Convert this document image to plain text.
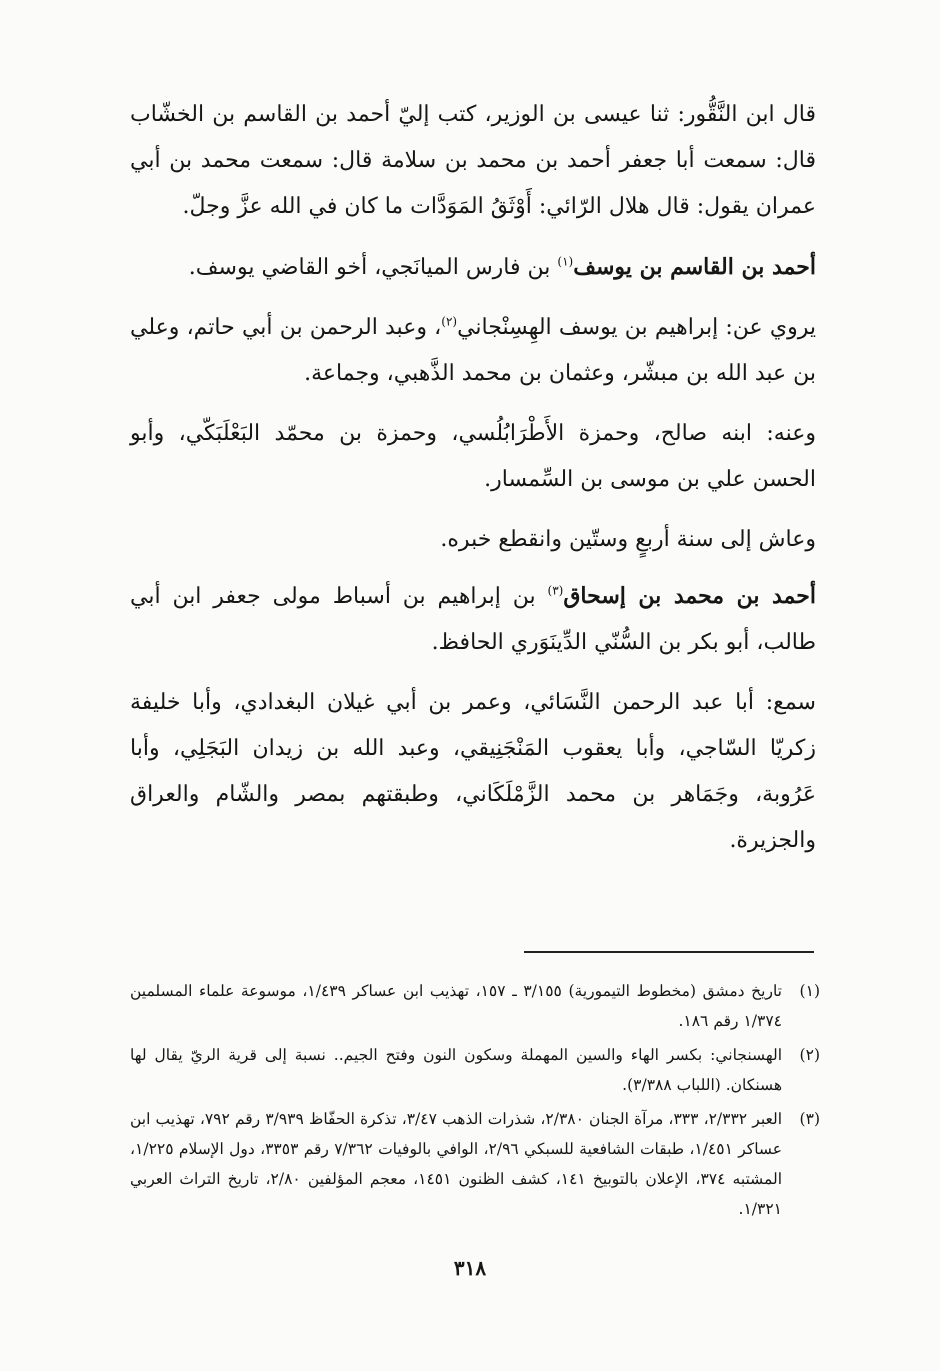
قال ابن النَّقُّور: ثنا عيسى بن الوزير، كتب إليّ أحمد بن القاسم بن الخشّاب قال: سمعت أبا جعفر أحمد بن محمد بن سلامة قال: سمعت محمد بن أبي عمران يقول: قال هلال الرّائي: أَوْثَقُ المَوَدَّات ما كان في الله عزَّ وجلّ.

أحمد بن القاسم بن يوسف$^{(١)}$ بن فارس الميانَجي، أخو القاضي يوسف.

يروي عن: إبراهيم بن يوسف الهِسِنْجاني$^{(٢)}$، وعبد الرحمن بن أبي حاتم، وعلي بن عبد الله بن مبشّر، وعثمان بن محمد الذَّهبي، وجماعة.

وعنه: ابنه صالح، وحمزة الأَطْرَابُلُسي، وحمزة بن محمّد البَعْلَبَكّي، وأبو الحسن علي بن موسى بن السِّمسار.

وعاش إلى سنة أربعٍ وستّين وانقطع خبره.

أحمد بن محمد بن إسحاق$^{(٣)}$ بن إبراهيم بن أسباط مولى جعفر ابن أبي طالب، أبو بكر بن السُّنّي الدِّينَوَري الحافظ.

سمع: أبا عبد الرحمن النَّسَائي، وعمر بن أبي غيلان البغدادي، وأبا خليفة زكريّا السّاجي، وأبا يعقوب المَنْجَنِيقي، وعبد الله بن زيدان البَجَلِي، وأبا عَرُوبة، وجَمَاهر بن محمد الزَّمْلَكَاني، وطبقتهم بمصر والشّام والعراق والجزيرة.

(١)
تاريخ دمشق (مخطوط التيمورية) ٣/١٥٥ ـ ١٥٧، تهذيب ابن عساكر ١/٤٣٩، موسوعة علماء المسلمين ١/٣٧٤ رقم ١٨٦.
(٢)
الهسنجاني: بكسر الهاء والسين المهملة وسكون النون وفتح الجيم.. نسبة إلى قرية الريّ يقال لها هسنكان. (اللباب ٣/٣٨٨).
(٣)
العبر ٢/٣٣٢، ٣٣٣، مرآة الجنان ٢/٣٨٠، شذرات الذهب ٣/٤٧، تذكرة الحفّاظ ٣/٩٣٩ رقم ٧٩٢، تهذيب ابن عساكر ١/٤٥١، طبقات الشافعية للسبكي ٢/٩٦، الوافي بالوفيات ٧/٣٦٢ رقم ٣٣٥٣، دول الإسلام ١/٢٢٥، المشتبه ٣٧٤، الإعلان بالتوبيخ ١٤١، كشف الظنون ١٤٥١، معجم المؤلفين ٢/٨٠، تاريخ التراث العربي ١/٣٢١.
٣١٨
